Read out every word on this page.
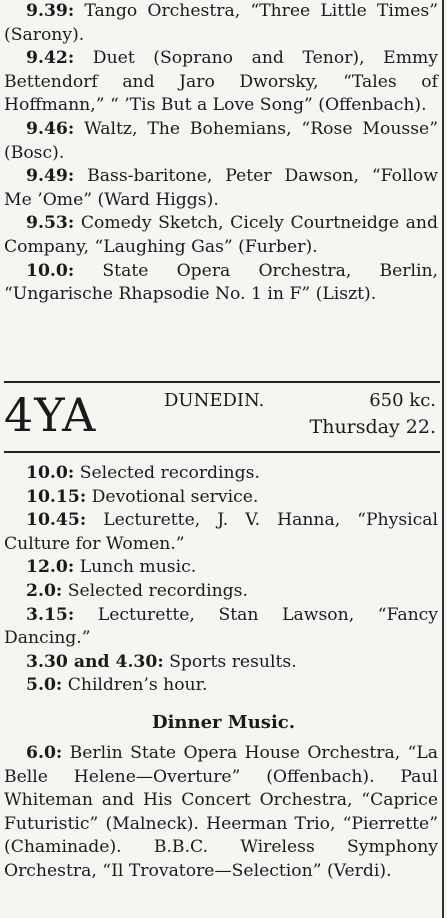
9.39: Tango Orchestra, “Three Little Times” (Sarony).

9.42: Duet (Soprano and Tenor), Emmy Bettendorf and Jaro Dworsky, “Tales of Hoffmann,” “ ’Tis But a Love Song” (Offenbach).

9.46: Waltz, The Bohemians, “Rose Mousse” (Bosc).

9.49: Bass-baritone, Peter Dawson, “Follow Me ’Ome” (Ward Higgs).

9.53: Comedy Sketch, Cicely Courtneidge and Company, “Laughing Gas” (Furber).

10.0: State Opera Orchestra, Berlin, “Ungarische Rhapsodie No. 1 in F” (Liszt).

4YA	DUNEDIN.	650 kc.
Thursday 22.

10.0: Selected recordings.

10.15: Devotional service.

10.45: Lecturette, J. V. Hanna, “Physical Culture for Women.”

12.0: Lunch music.

2.0: Selected recordings.

3.15: Lecturette, Stan Lawson, “Fancy Dancing.”

3.30 and 4.30: Sports results.

5.0: Children’s hour.

Dinner Music.

6.0: Berlin State Opera House Orchestra, “La Belle Helene—Overture” (Offenbach). Paul Whiteman and His Concert Orchestra, “Caprice Futuristic” (Malneck). Heerman Trio, “Pierrette” (Chaminade). B.B.C. Wireless Symphony Orchestra, “Il Trovatore—Selection” (Verdi).
